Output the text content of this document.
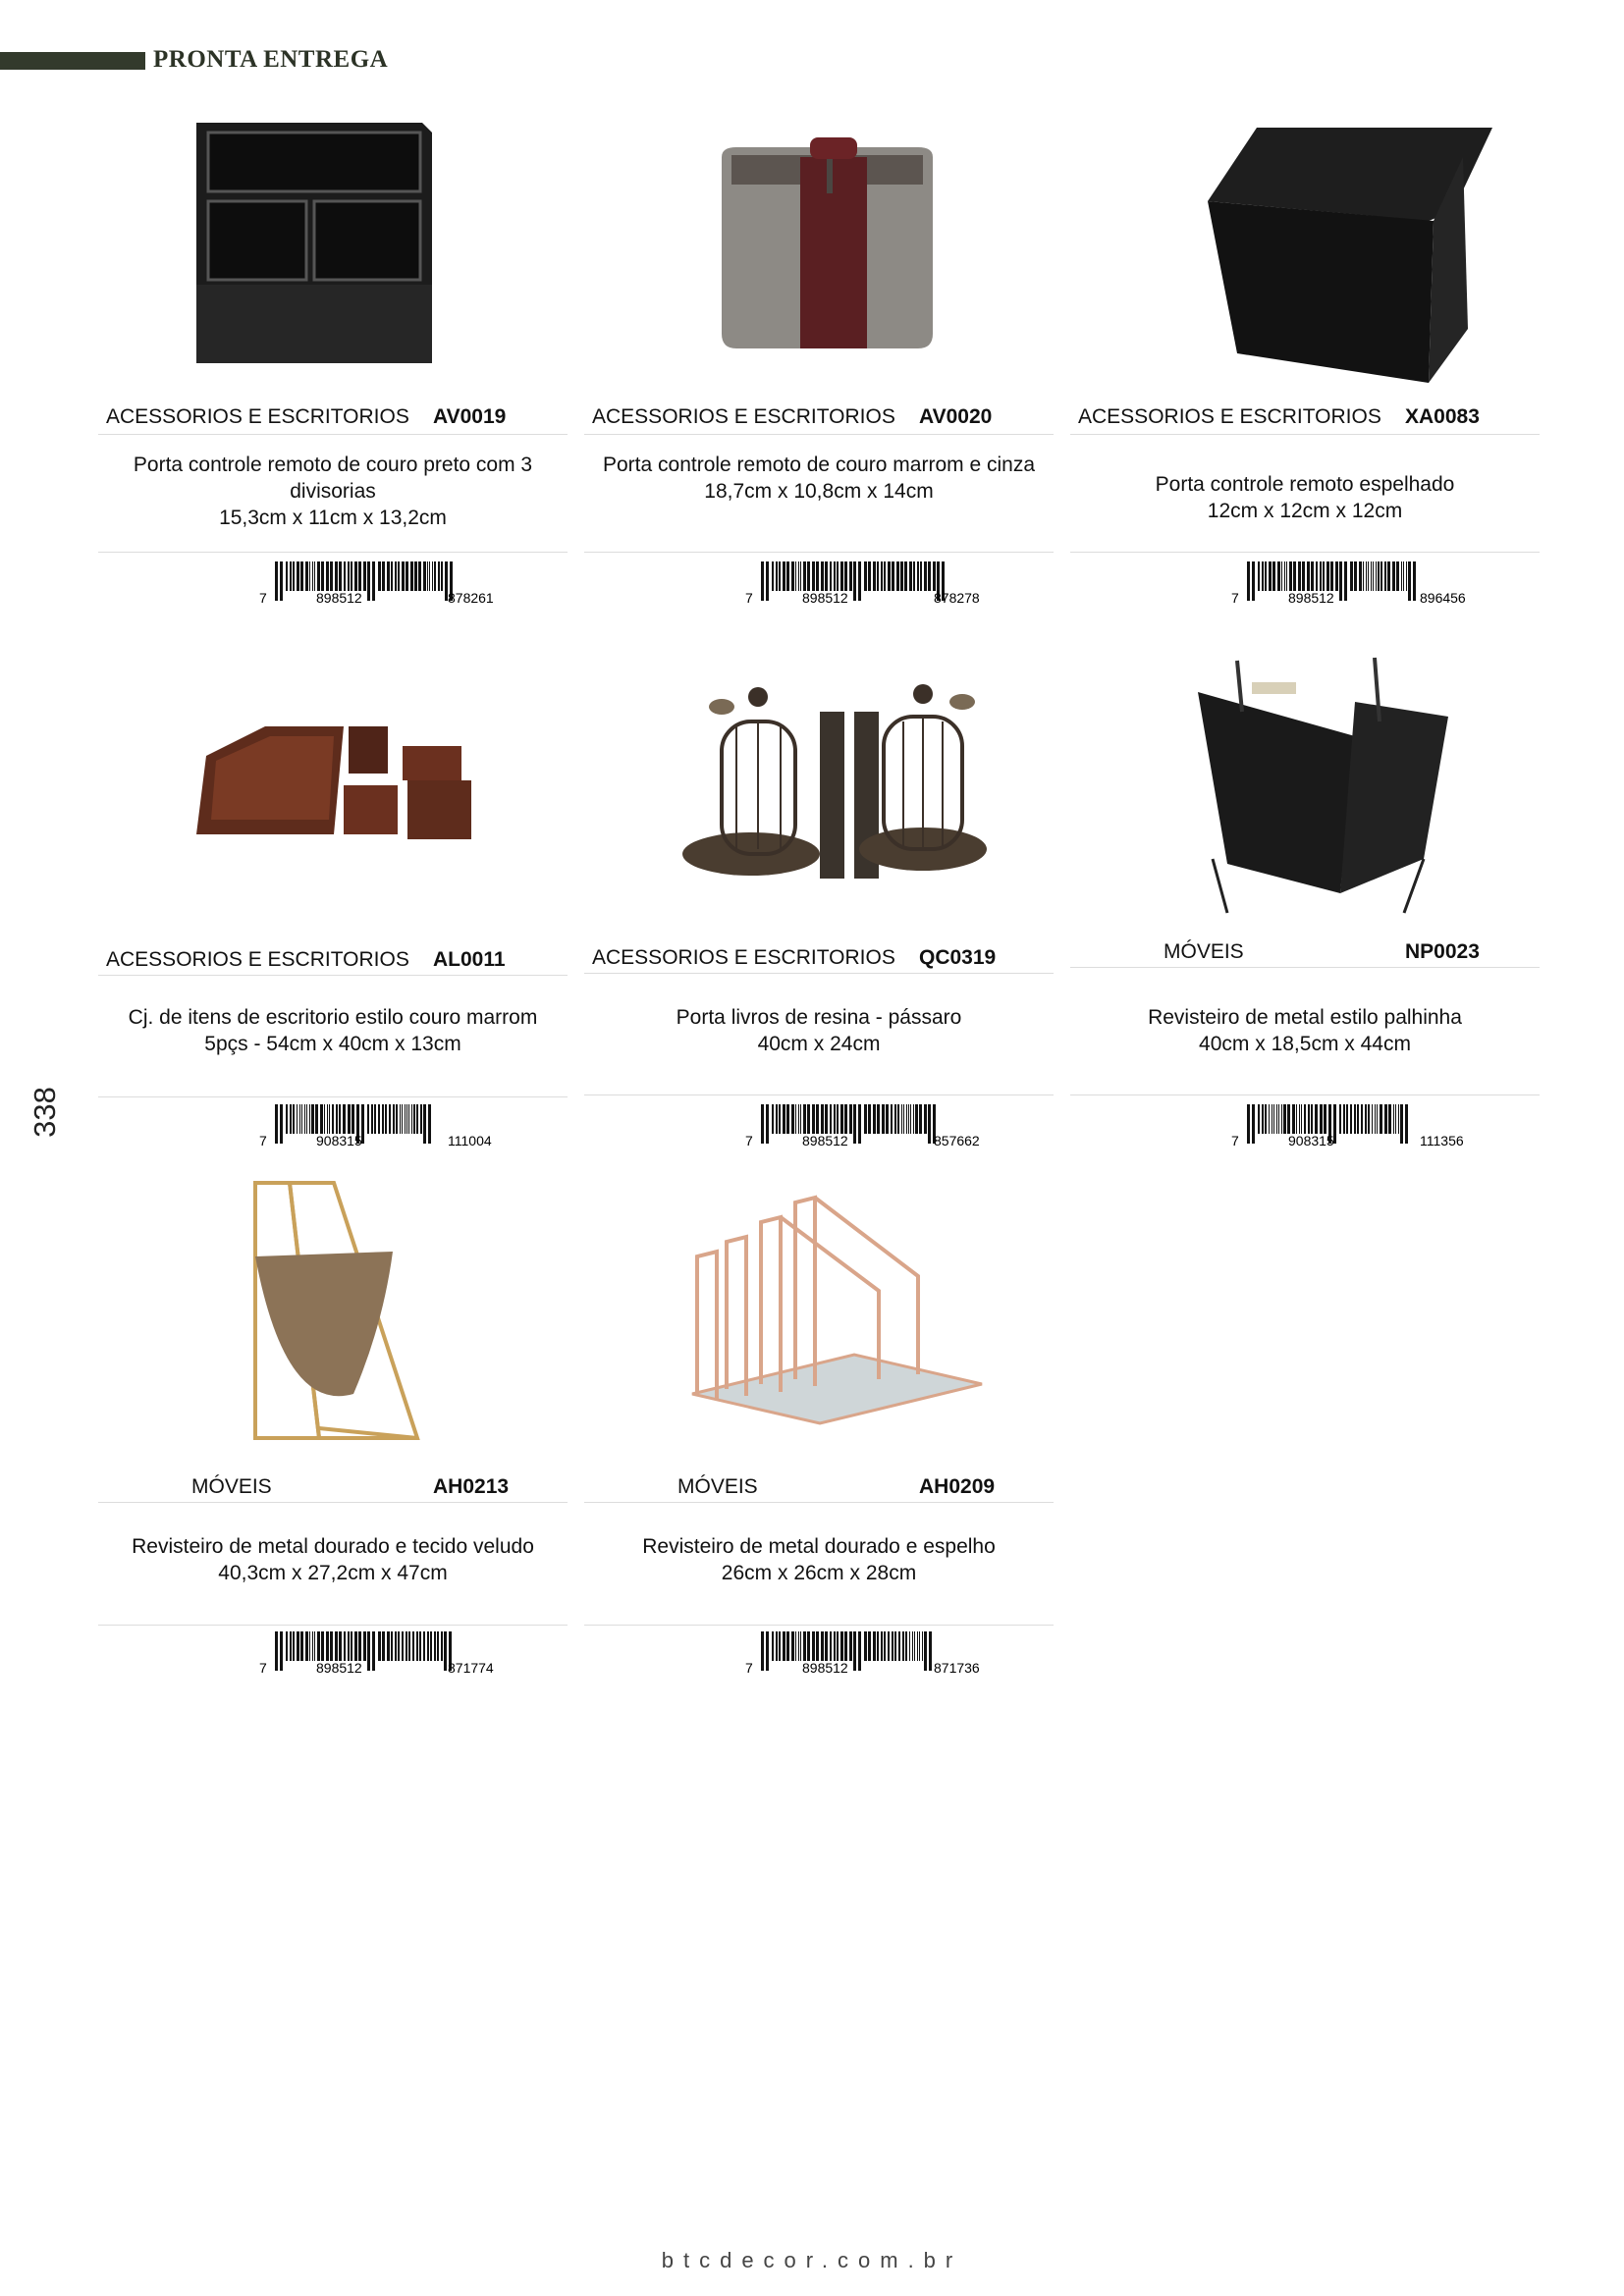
PRONTA ENTREGA
338
ACESSORIOS E ESCRITORIOS AV0019
Porta controle remoto de couro preto com 3 divisorias
15,3cm x 11cm x 13,2cm
7	898512	878261
ACESSORIOS E ESCRITORIOS AV0020
Porta controle remoto de couro marrom e cinza
18,7cm x 10,8cm x 14cm
7	898512	878278
ACESSORIOS E ESCRITORIOS XA0083
Porta controle remoto espelhado
12cm x 12cm x 12cm
7	898512	896456
ACESSORIOS E ESCRITORIOS AL0011
Cj. de itens de escritorio estilo couro marrom
5pçs - 54cm x 40cm x 13cm
7	908315	111004
ACESSORIOS E ESCRITORIOS QC0319
Porta livros de resina - pássaro
40cm x 24cm
7	898512	857662
MÓVEIS	NP0023
Revisteiro de metal estilo palhinha
40cm x 18,5cm x 44cm
7	908315	111356
MÓVEIS	AH0213
Revisteiro de metal dourado e tecido veludo
40,3cm x 27,2cm x 47cm
7	898512	871774
MÓVEIS	AH0209
Revisteiro de metal dourado e espelho
26cm x 26cm x 28cm
7	898512	871736
btcdecor.com.br
